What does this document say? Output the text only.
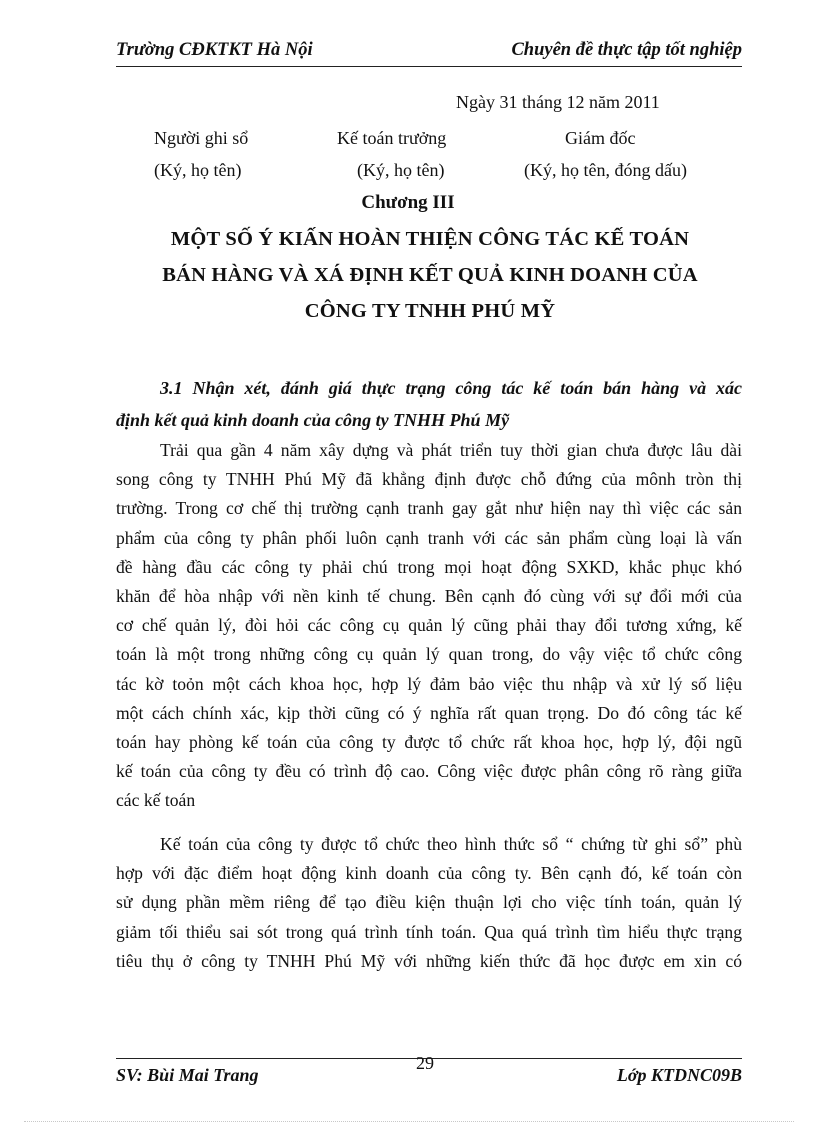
Trường CĐKTKT Hà Nội	Chuyên đề thực tập tốt nghiệp
Ngày 31 tháng 12 năm 2011
Người ghi sổ	Kế toán trưởng	Giám đốc
(Ký, họ tên)	(Ký, họ tên)	(Ký, họ tên, đóng dấu)
Chương III
MỘT SỐ Ý KIẤN HOÀN THIỆN CÔNG TÁC KẾ TOÁN
BÁN HÀNG VÀ XÁ ĐỊNH KẾT QUẢ KINH DOANH CỦA
CÔNG TY TNHH PHÚ MỸ
3.1 Nhận xét, đánh giá thực trạng công tác kế toán bán hàng và xác
định kết quả kinh doanh của công ty TNHH Phú Mỹ
Trải qua gần 4 năm xây dựng và phát triển tuy thời gian chưa được lâu dài
song công ty TNHH Phú Mỹ đã khẳng định được chỗ đứng của mônh tròn thị
trường. Trong cơ chế thị trường cạnh tranh gay gắt như hiện nay thì việc các sản
phẩm của công ty phân phối luôn cạnh tranh với các sản phẩm cùng loại là vấn
đề hàng đầu các công ty phải chú trong mọi hoạt động SXKD, khắc phục khó
khăn để hòa nhập với nền kinh tế chung. Bên cạnh đó cùng với sự đổi mới của
cơ chế quản lý, đòi hỏi các công cụ quản lý cũng phải thay đổi tương xứng, kế
toán là một trong những công cụ quản lý quan trong, do vậy việc tổ chức công
tác kờ toỏn một cách khoa học, hợp lý đảm bảo việc thu nhập và xử lý số liệu
một cách chính xác, kịp thời cũng có ý nghĩa rất quan trọng. Do đó công tác kế
toán hay phòng kế toán của công ty được tổ chức rất khoa học, hợp lý, đội ngũ
kế toán của công ty đều có trình độ cao. Công việc được phân công rõ ràng giữa
các kế toán
Kế toán của công ty được tổ chức theo hình thức sổ “ chứng từ ghi sổ” phù
hợp với đặc điểm hoạt động kinh doanh của công ty. Bên cạnh đó, kế toán còn
sử dụng phần mềm riêng để tạo điều kiện thuận lợi cho việc tính toán, quản lý
giảm tối thiểu sai sót trong quá trình tính toán. Qua quá trình tìm hiểu thực trạng
tiêu thụ ở công ty TNHH Phú Mỹ với những kiến thức đã học được em xin có
SV: Bùi Mai Trang
29
Lớp KTDNC09B
